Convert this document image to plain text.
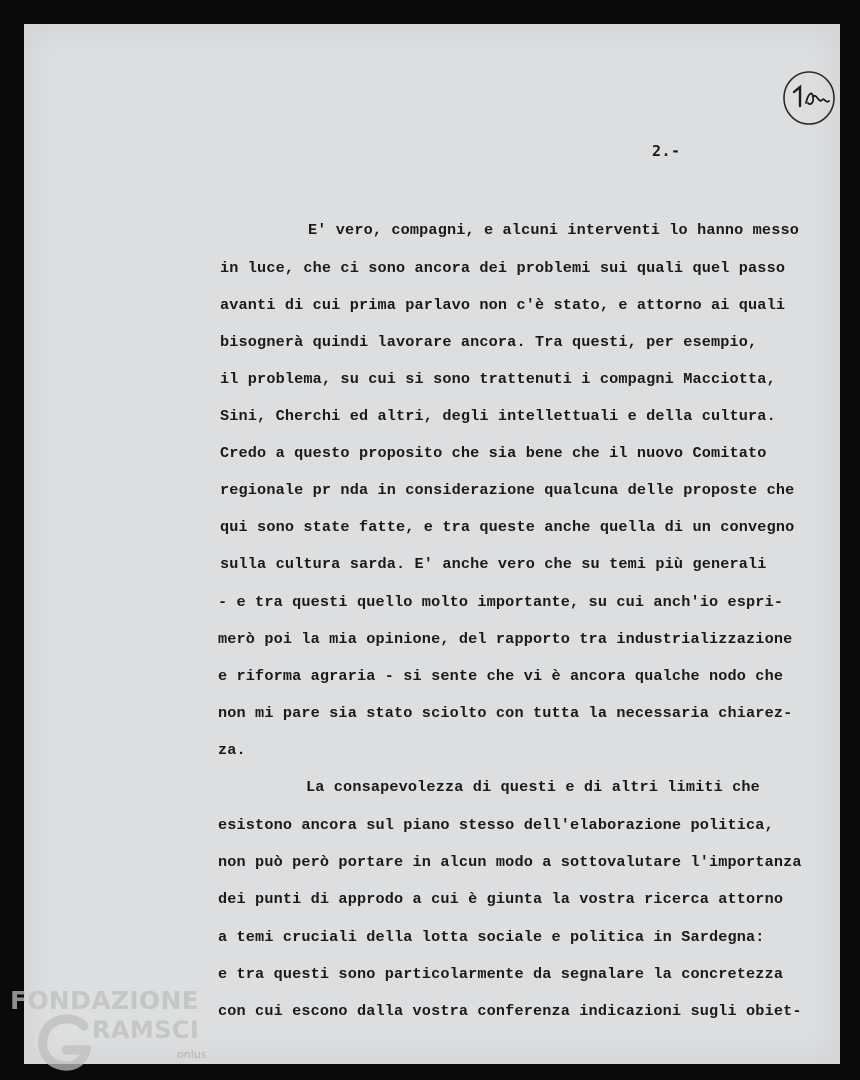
2.-
E' vero, compagni, e alcuni interventi lo hanno messo
in luce, che ci sono ancora dei problemi sui quali quel passo
avanti di cui prima parlavo non c'è stato, e attorno ai quali
bisognerà quindi lavorare ancora. Tra questi, per esempio,
il problema, su cui si sono trattenuti i compagni Macciotta,
Sini, Cherchi ed altri, degli intellettuali e della cultura.
Credo a questo proposito che sia bene che il nuovo Comitato
regionale pr nda in considerazione qualcuna delle proposte che
qui sono state fatte, e tra queste anche quella di un convegno
sulla cultura sarda. E' anche vero che su temi più generali
- e tra questi quello molto importante, su cui anch'io espri-
merò poi la mia opinione, del rapporto tra industrializzazione
e riforma agraria - si sente che vi è ancora qualche nodo che
non mi pare sia stato sciolto con tutta la necessaria chiarez-
za.
La consapevolezza di questi e di altri limiti che
esistono ancora sul piano stesso dell'elaborazione politica,
non può però portare in alcun modo a sottovalutare l'importanza
dei punti di approdo a cui è giunta la vostra ricerca attorno
a temi cruciali della lotta sociale e politica in Sardegna:
e tra questi sono particolarmente da segnalare la concretezza
con cui escono dalla vostra conferenza indicazioni sugli obiet-
FONDAZIONE
RAMSCI
onlus
